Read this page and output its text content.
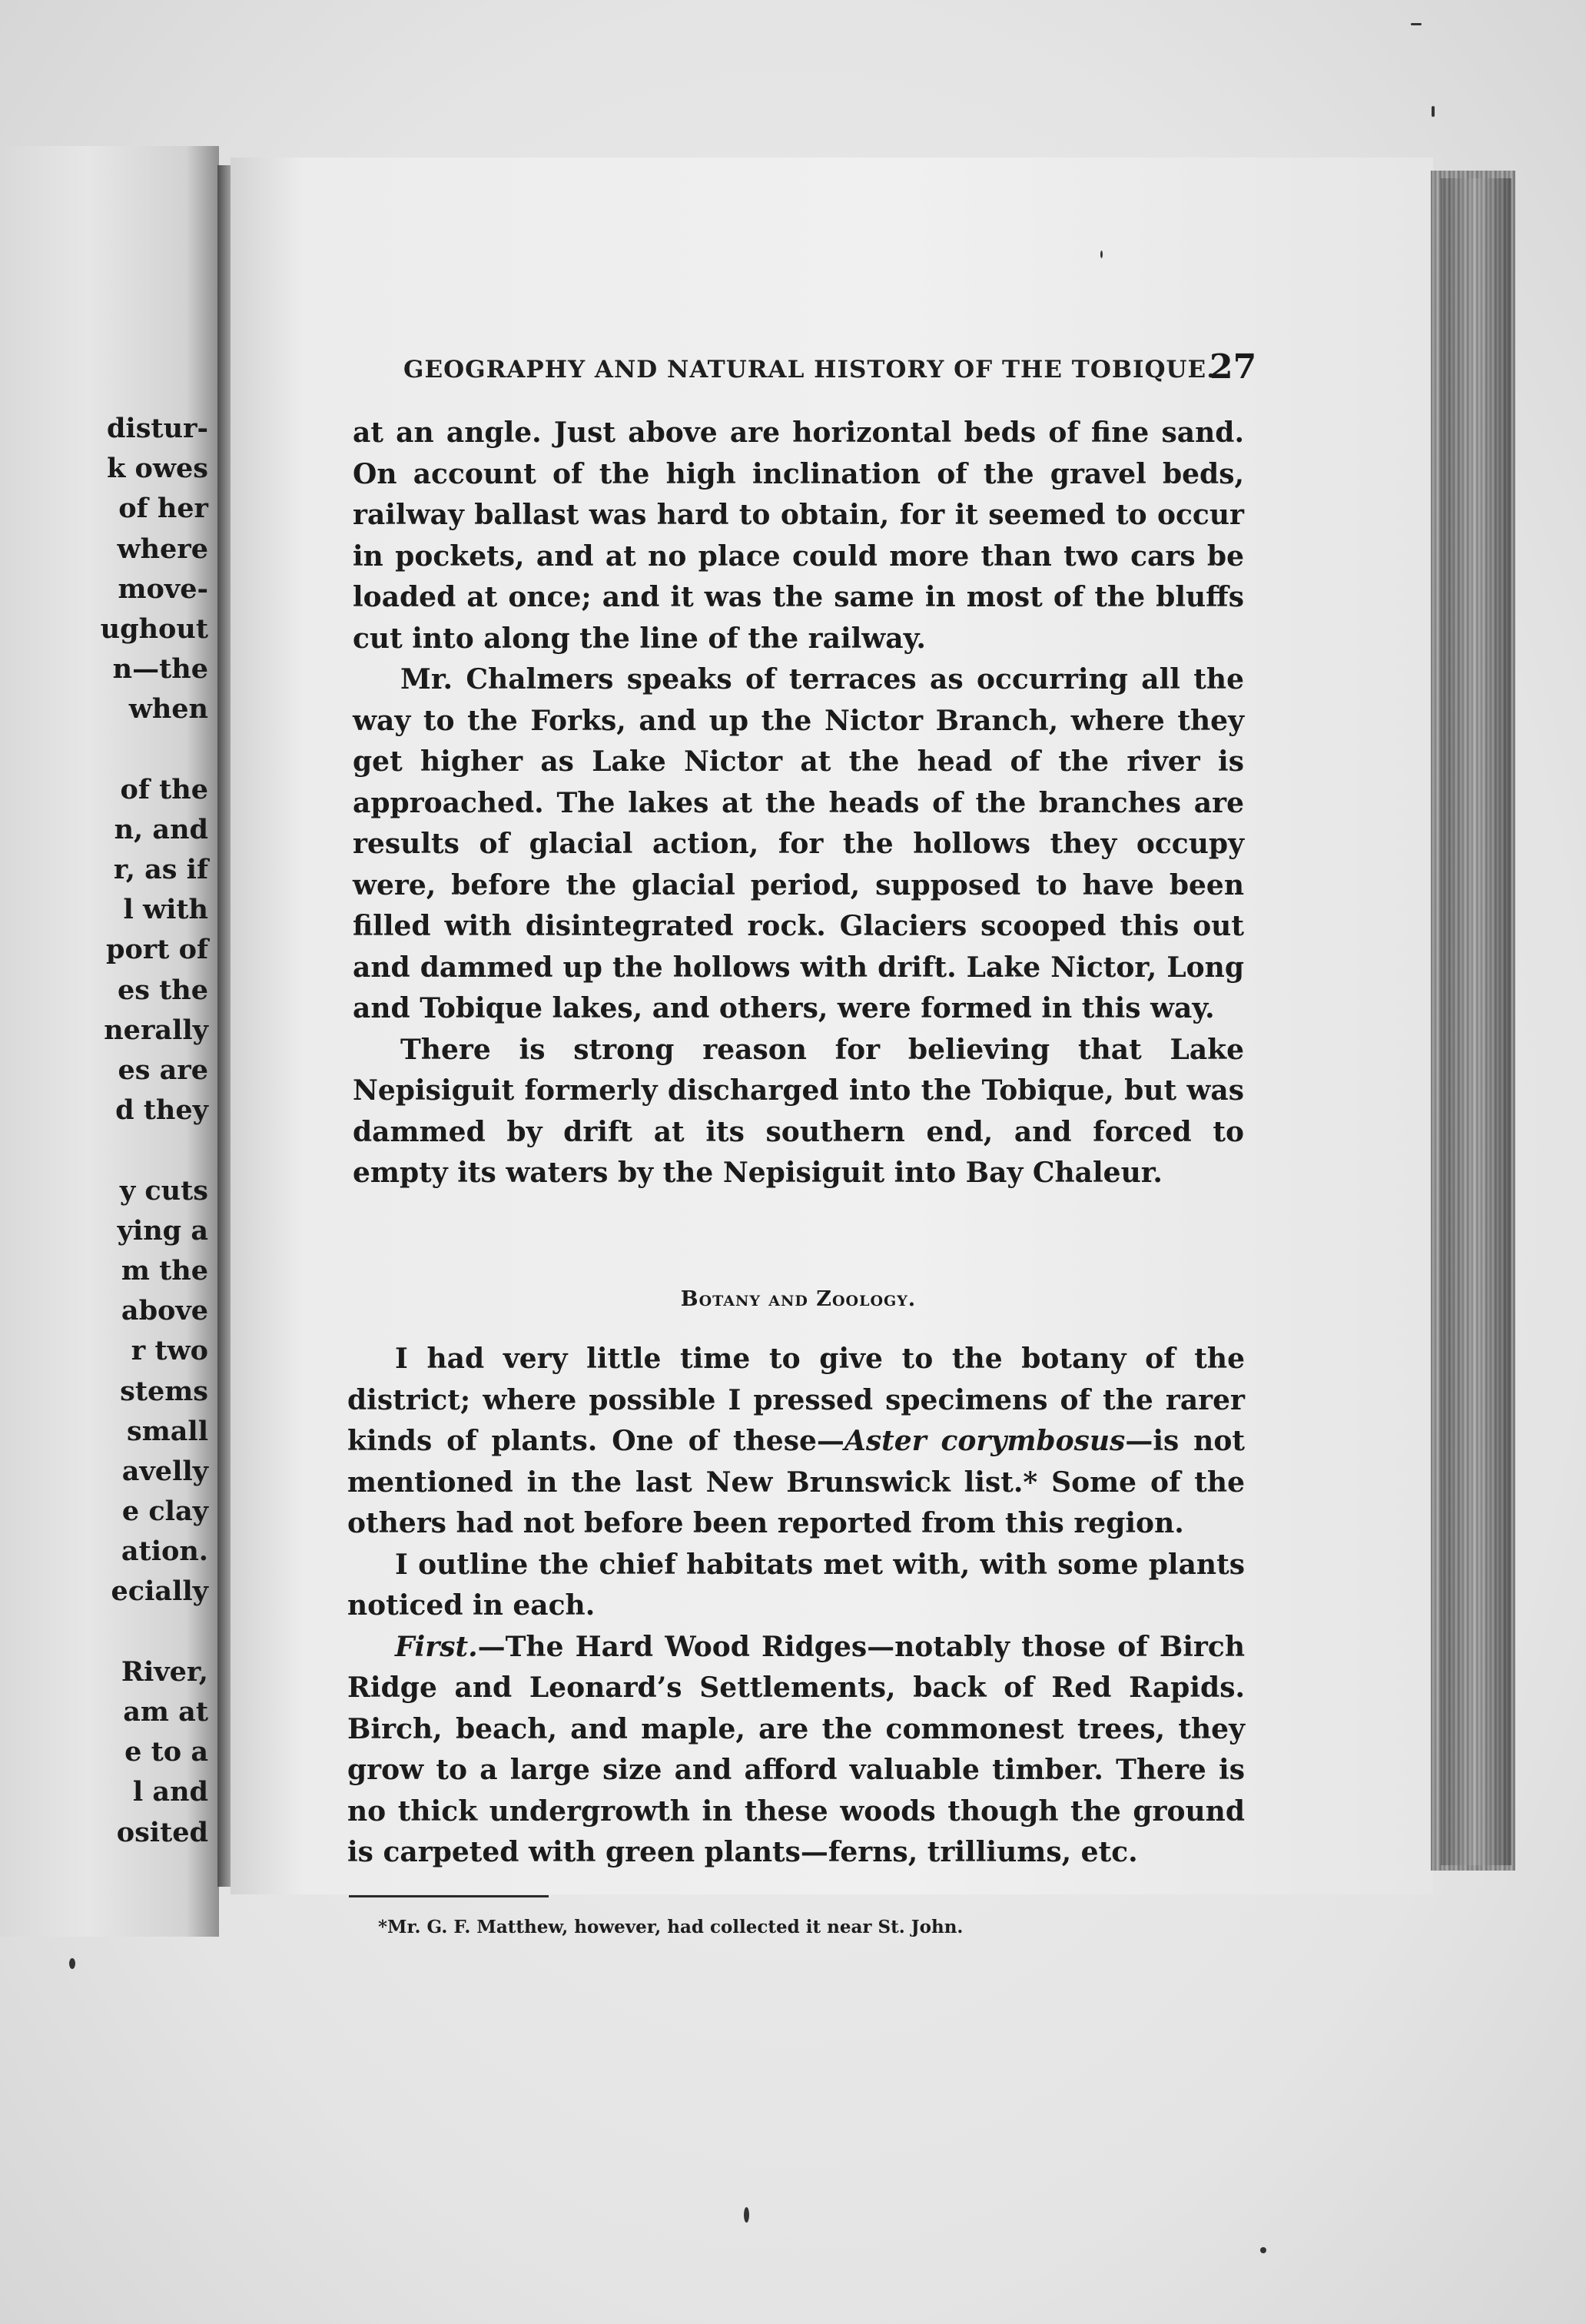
distur-
k owes
of her
where
move-
ughout
n—the
when
of the
n, and
r, as if
l with
port of
es the
nerally
es are
d they
y cuts
ying a
m the
above
r two
stems
small
avelly
e clay
ation.
ecially
River,
am at
e to a
l and
osited
GEOGRAPHY AND NATURAL HISTORY OF THE TOBIQUE.
27

at an angle. Just above are horizontal beds of fine sand. On account of the high inclination of the gravel beds, railway ballast was hard to obtain, for it seemed to occur in pockets, and at no place could more than two cars be loaded at once; and it was the same in most of the bluffs cut into along the line of the railway.

Mr. Chalmers speaks of terraces as occurring all the way to the Forks, and up the Nictor Branch, where they get higher as Lake Nictor at the head of the river is approached. The lakes at the heads of the branches are results of glacial action, for the hollows they occupy were, before the glacial period, supposed to have been filled with disintegrated rock. Glaciers scooped this out and dammed up the hollows with drift. Lake Nictor, Long and Tobique lakes, and others, were formed in this way.

There is strong reason for believing that Lake Nepisiguit formerly discharged into the Tobique, but was dammed by drift at its southern end, and forced to empty its waters by the Nepisiguit into Bay Chaleur.

Botany and Zoology.

I had very little time to give to the botany of the district; where possible I pressed specimens of the rarer kinds of plants. One of these—Aster corymbosus—is not mentioned in the last New Brunswick list.* Some of the others had not before been reported from this region.

I outline the chief habitats met with, with some plants noticed in each.

First.—The Hard Wood Ridges—notably those of Birch Ridge and Leonard’s Settlements, back of Red Rapids. Birch, beach, and maple, are the commonest trees, they grow to a large size and afford valuable timber. There is no thick undergrowth in these woods though the ground is carpeted with green plants—ferns, trilliums, etc.

*Mr. G. F. Matthew, however, had collected it near St. John.
